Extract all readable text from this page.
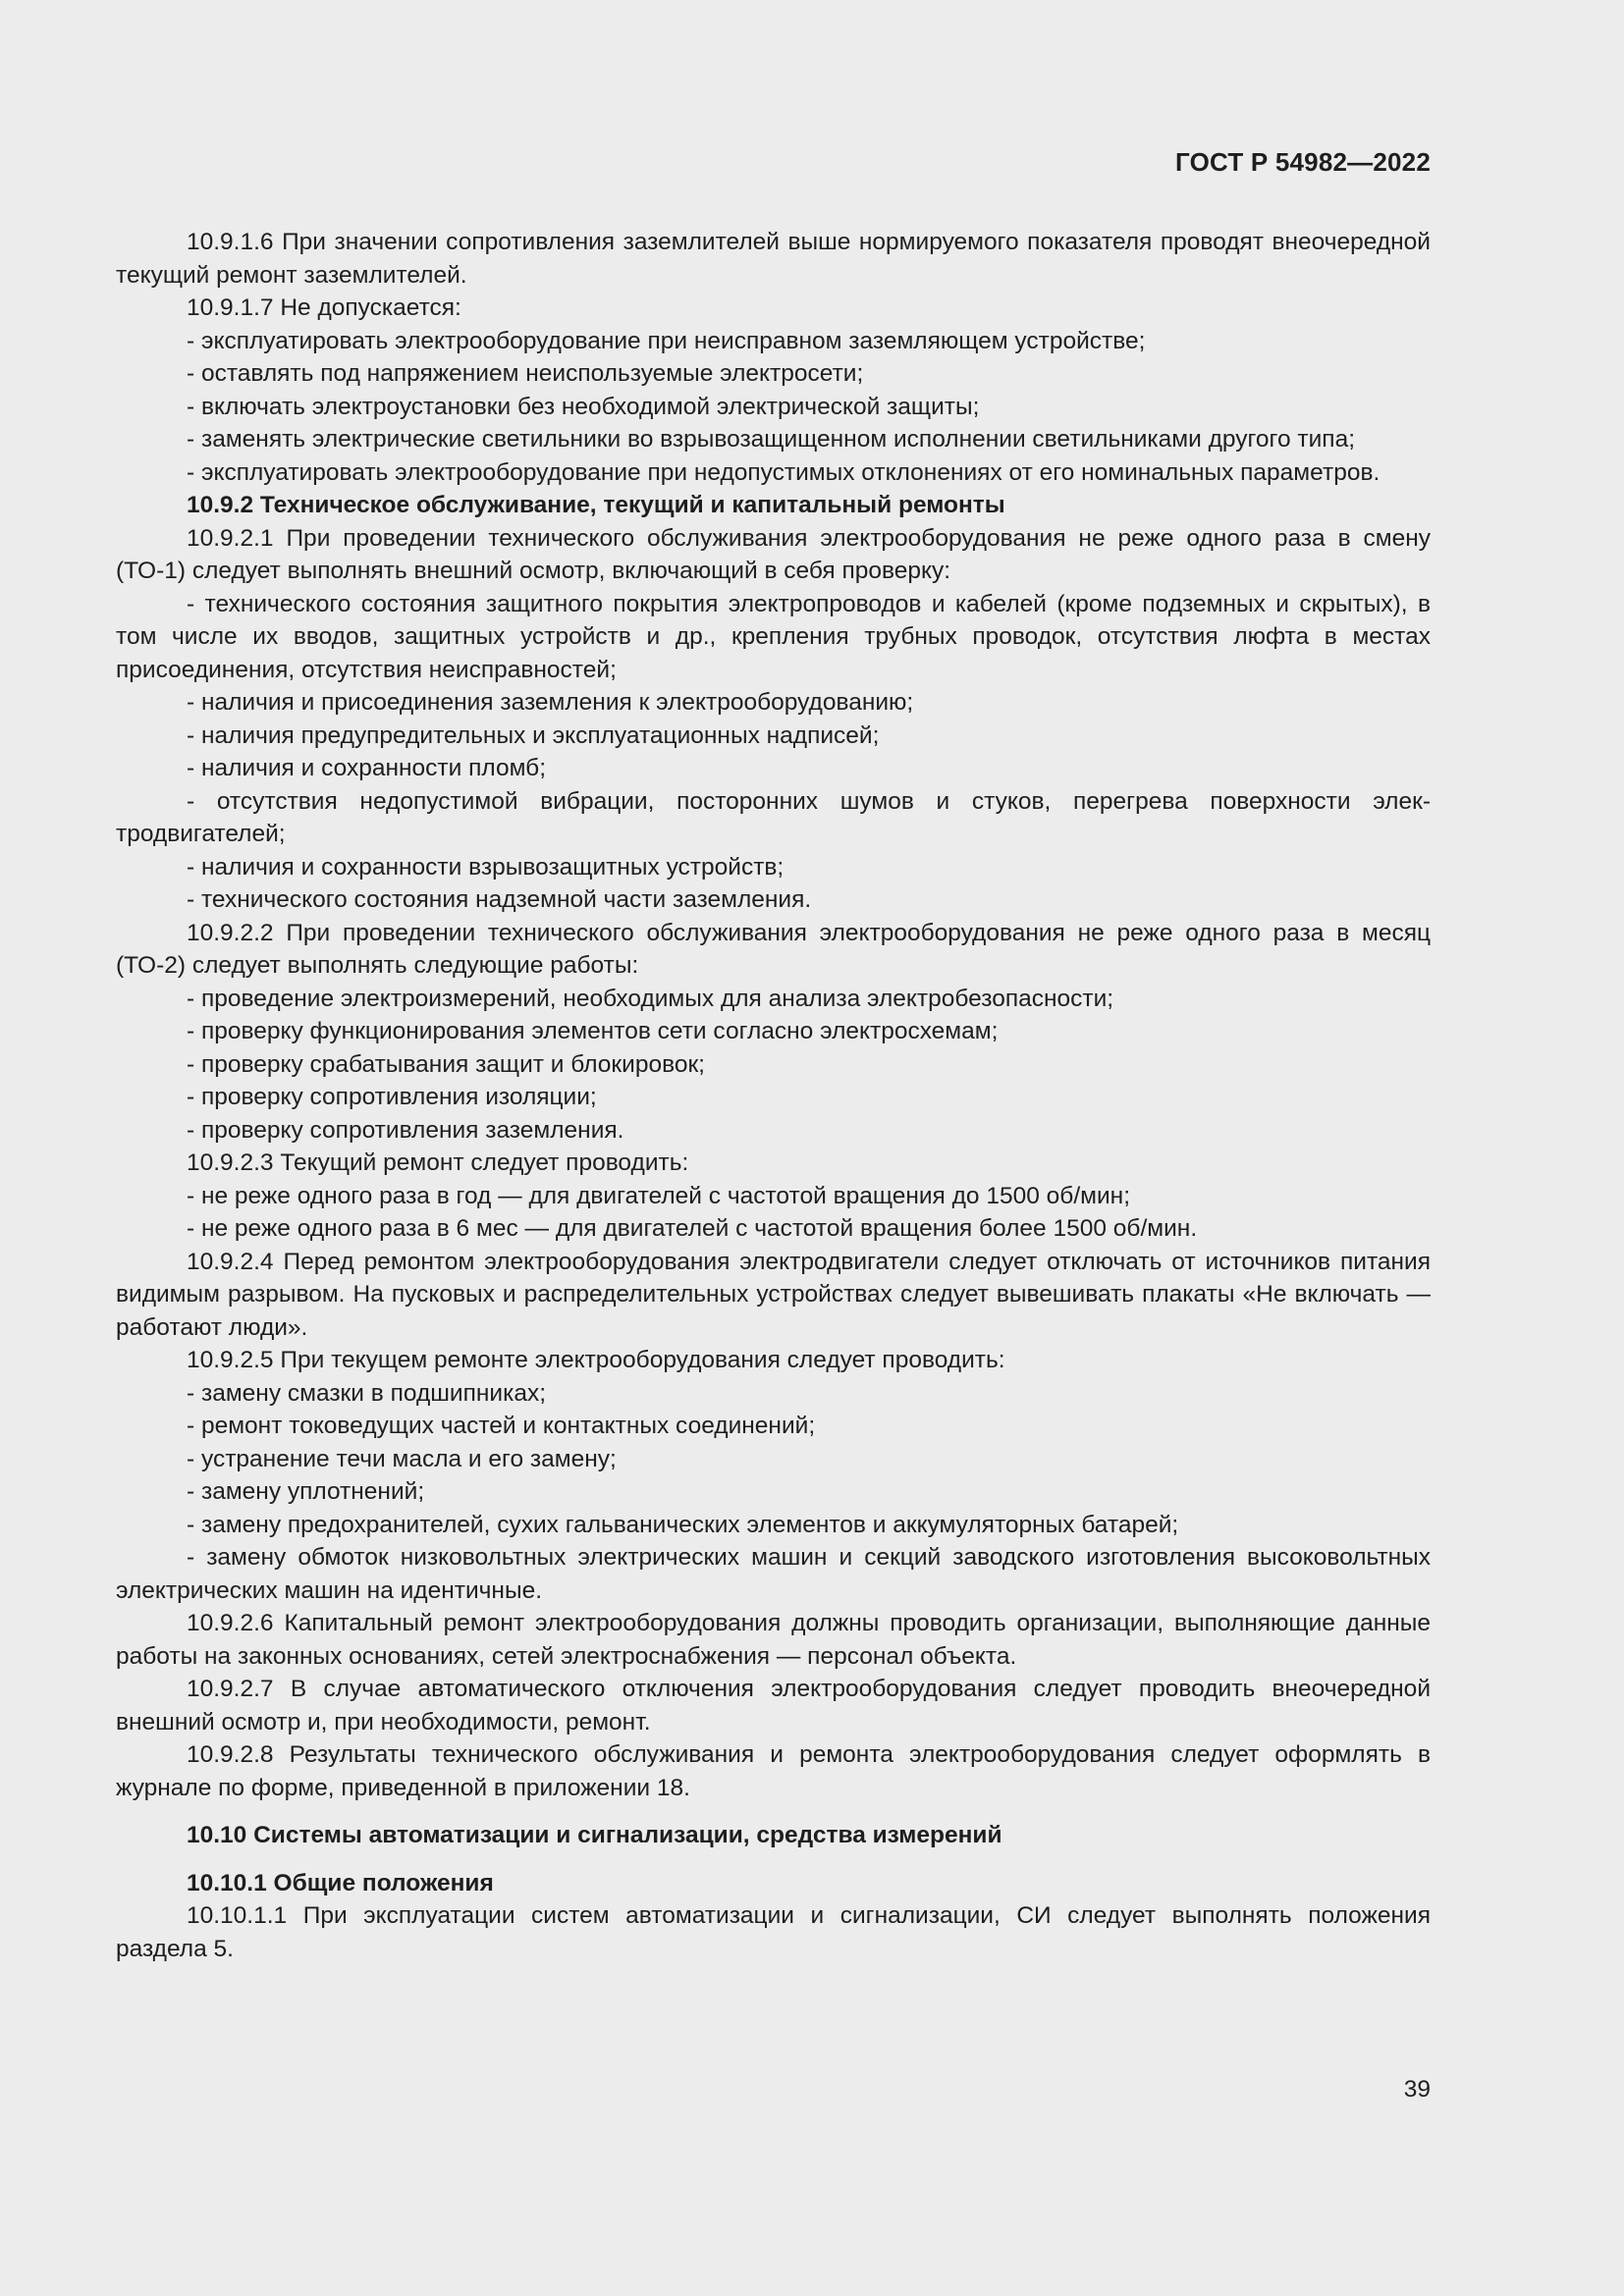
ГОСТ Р 54982—2022

10.9.1.6 При значении сопротивления заземлителей выше нормируемого показателя проводят внеочередной текущий ремонт заземлителей.

10.9.1.7 Не допускается:

- эксплуатировать электрооборудование при неисправном заземляющем устройстве;

- оставлять под напряжением неиспользуемые электросети;

- включать электроустановки без необходимой электрической защиты;

- заменять электрические светильники во взрывозащищенном исполнении светильниками другого типа;

- эксплуатировать электрооборудование при недопустимых отклонениях от его номинальных параметров.

10.9.2 Техническое обслуживание, текущий и капитальный ремонты

10.9.2.1 При проведении технического обслуживания электрооборудования не реже одного раза в смену (ТО-1) следует выполнять внешний осмотр, включающий в себя проверку:

- технического состояния защитного покрытия электропроводов и кабелей (кроме подземных и скрытых), в том числе их вводов, защитных устройств и др., крепления трубных проводок, отсутствия люфта в местах присоединения, отсутствия неисправностей;

- наличия и присоединения заземления к электрооборудованию;

- наличия предупредительных и эксплуатационных надписей;

- наличия и сохранности пломб;

- отсутствия недопустимой вибрации, посторонних шумов и стуков, перегрева поверхности электродвигателей;

- наличия и сохранности взрывозащитных устройств;

- технического состояния надземной части заземления.

10.9.2.2 При проведении технического обслуживания электрооборудования не реже одного раза в месяц (ТО-2) следует выполнять следующие работы:

- проведение электроизмерений, необходимых для анализа электробезопасности;

- проверку функционирования элементов сети согласно электросхемам;

- проверку срабатывания защит и блокировок;

- проверку сопротивления изоляции;

- проверку сопротивления заземления.

10.9.2.3 Текущий ремонт следует проводить:

- не реже одного раза в год — для двигателей с частотой вращения до 1500 об/мин;

- не реже одного раза в 6 мес — для двигателей с частотой вращения более 1500 об/мин.

10.9.2.4 Перед ремонтом электрооборудования электродвигатели следует отключать от источников питания видимым разрывом. На пусковых и распределительных устройствах следует вывешивать плакаты «Не включать — работают люди».

10.9.2.5 При текущем ремонте электрооборудования следует проводить:

- замену смазки в подшипниках;

- ремонт токоведущих частей и контактных соединений;

- устранение течи масла и его замену;

- замену уплотнений;

- замену предохранителей, сухих гальванических элементов и аккумуляторных батарей;

- замену обмоток низковольтных электрических машин и секций заводского изготовления высоковольтных электрических машин на идентичные.

10.9.2.6 Капитальный ремонт электрооборудования должны проводить организации, выполняющие данные работы на законных основаниях, сетей электроснабжения — персонал объекта.

10.9.2.7 В случае автоматического отключения электрооборудования следует проводить внеочередной внешний осмотр и, при необходимости, ремонт.

10.9.2.8 Результаты технического обслуживания и ремонта электрооборудования следует оформлять в журнале по форме, приведенной в приложении 18.

10.10 Системы автоматизации и сигнализации, средства измерений

10.10.1 Общие положения

10.10.1.1 При эксплуатации систем автоматизации и сигнализации, СИ следует выполнять положения раздела 5.

39
